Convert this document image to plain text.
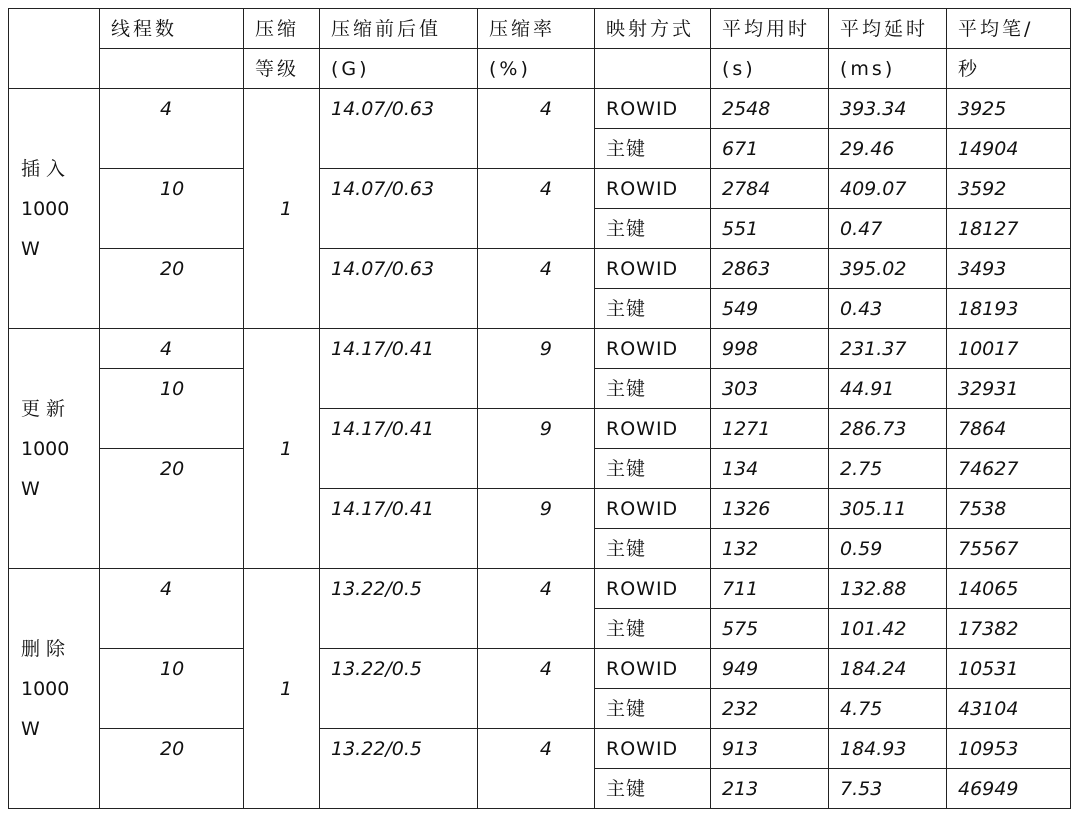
	线程数	压缩	压缩前后值	压缩率	映射方式	平均用时	平均延时	平均笔/
		等级	(G)	(%)		(s)	(ms)	秒

插 入
1000
W	4	1	14.07/0.63	4	ROWID	2548	393.34	3925
					主键	671	29.46	14904
	10		14.07/0.63	4	ROWID	2784	409.07	3592
					主键	551	0.47	18127
	20		14.07/0.63	4	ROWID	2863	395.02	3493
					主键	549	0.43	18193

更 新
1000
W	4	1	14.17/0.41	9	ROWID	998	231.37	10017
	10				主键	303	44.91	32931
			14.17/0.41	9	ROWID	1271	286.73	7864
	20				主键	134	2.75	74627
			14.17/0.41	9	ROWID	1326	305.11	7538
					主键	132	0.59	75567

删 除
1000
W	4	1	13.22/0.5	4	ROWID	711	132.88	14065
					主键	575	101.42	17382
	10		13.22/0.5	4	ROWID	949	184.24	10531
					主键	232	4.75	43104
	20		13.22/0.5	4	ROWID	913	184.93	10953
					主键	213	7.53	46949
